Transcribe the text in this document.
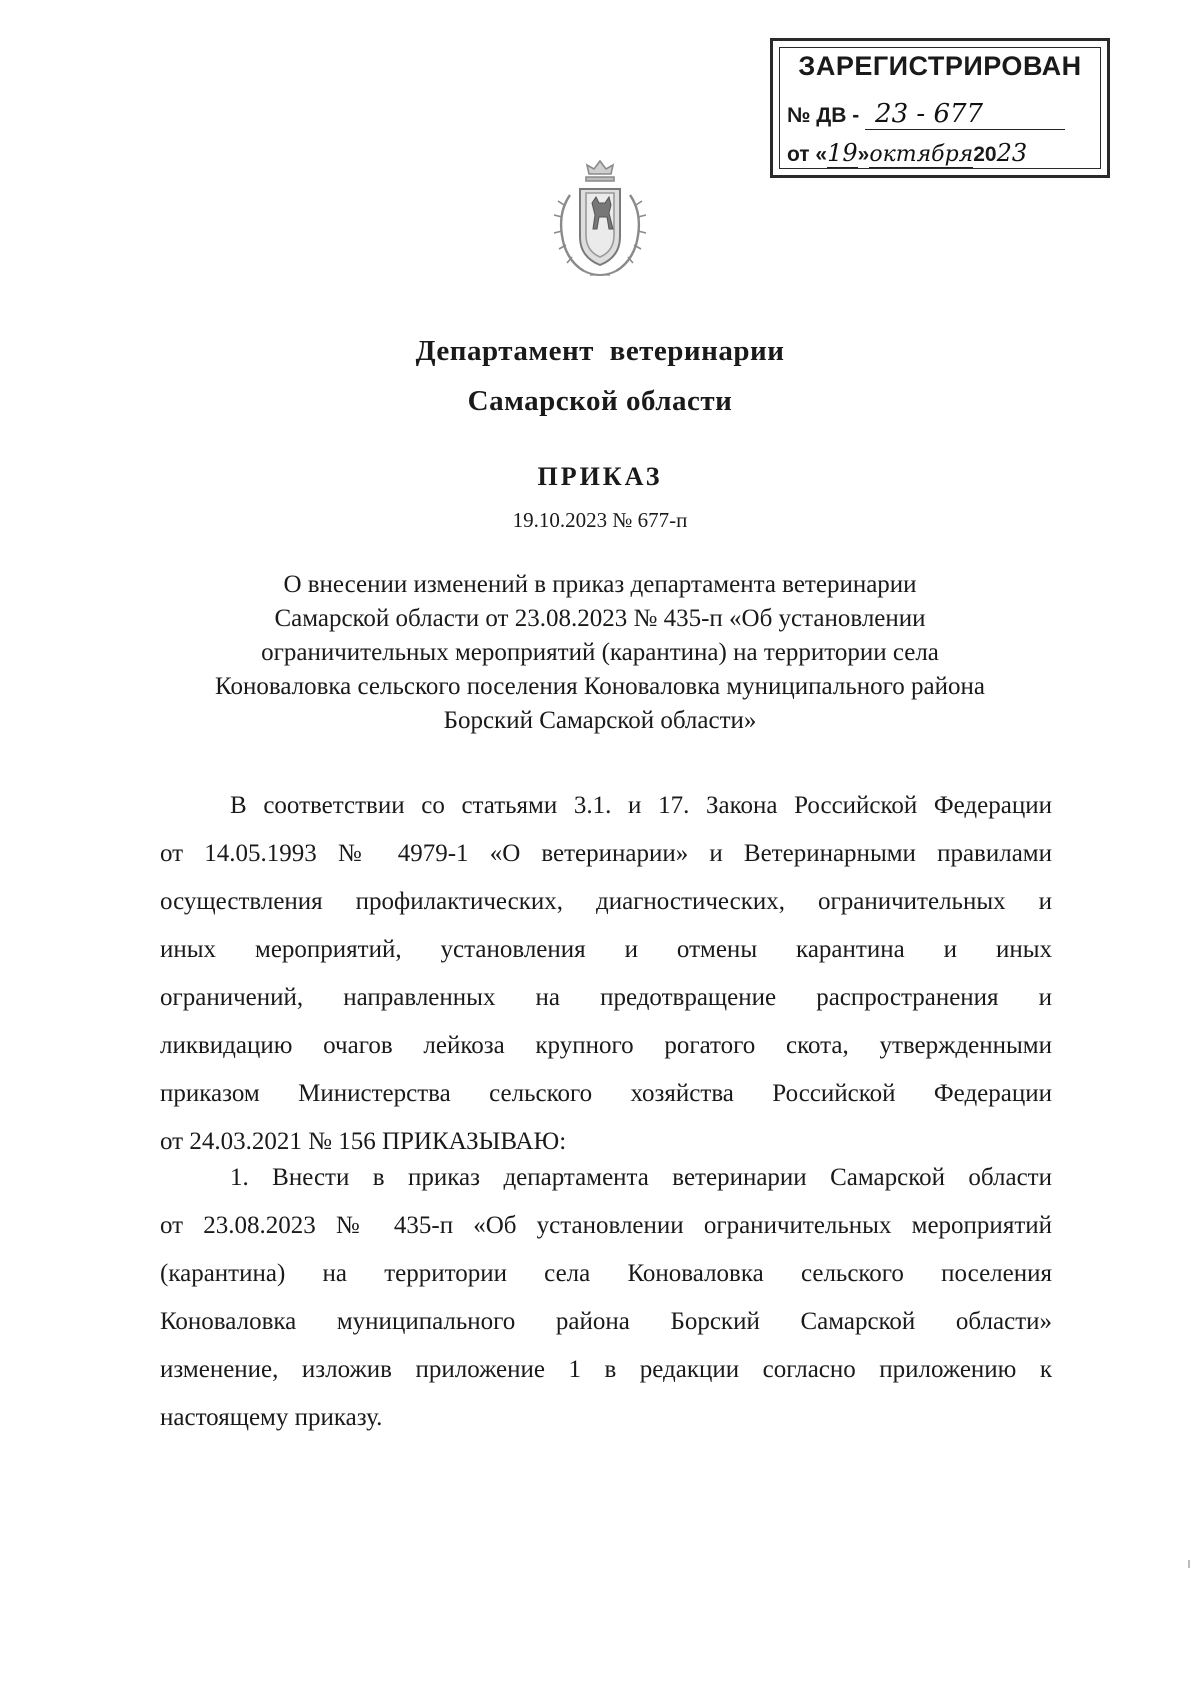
ЗАРЕГИСТРИРОВАН
№ ДВ - 23 - 677
от «19»октября2023
Департамент ветеринарии
Самарской области
ПРИКАЗ
19.10.2023 № 677-п
О внесении изменений в приказ департамента ветеринарии
Самарской области от 23.08.2023 № 435-п «Об установлении
ограничительных мероприятий (карантина) на территории села
Коноваловка сельского поселения Коноваловка муниципального района
Борский Самарской области»
В соответствии со статьями 3.1. и 17. Закона Российской Федерации
от 14.05.1993 № 4979-1 «О ветеринарии» и Ветеринарными правилами
осуществления профилактических, диагностических, ограничительных и
иных мероприятий, установления и отмены карантина и иных
ограничений, направленных на предотвращение распространения и
ликвидацию очагов лейкоза крупного рогатого скота, утвержденными
приказом Министерства сельского хозяйства Российской Федерации
от 24.03.2021 № 156 ПРИКАЗЫВАЮ:
1. Внести в приказ департамента ветеринарии Самарской области
от 23.08.2023 № 435-п «Об установлении ограничительных мероприятий
(карантина) на территории села Коноваловка сельского поселения
Коноваловка муниципального района Борский Самарской области»
изменение, изложив приложение 1 в редакции согласно приложению к
настоящему приказу.
